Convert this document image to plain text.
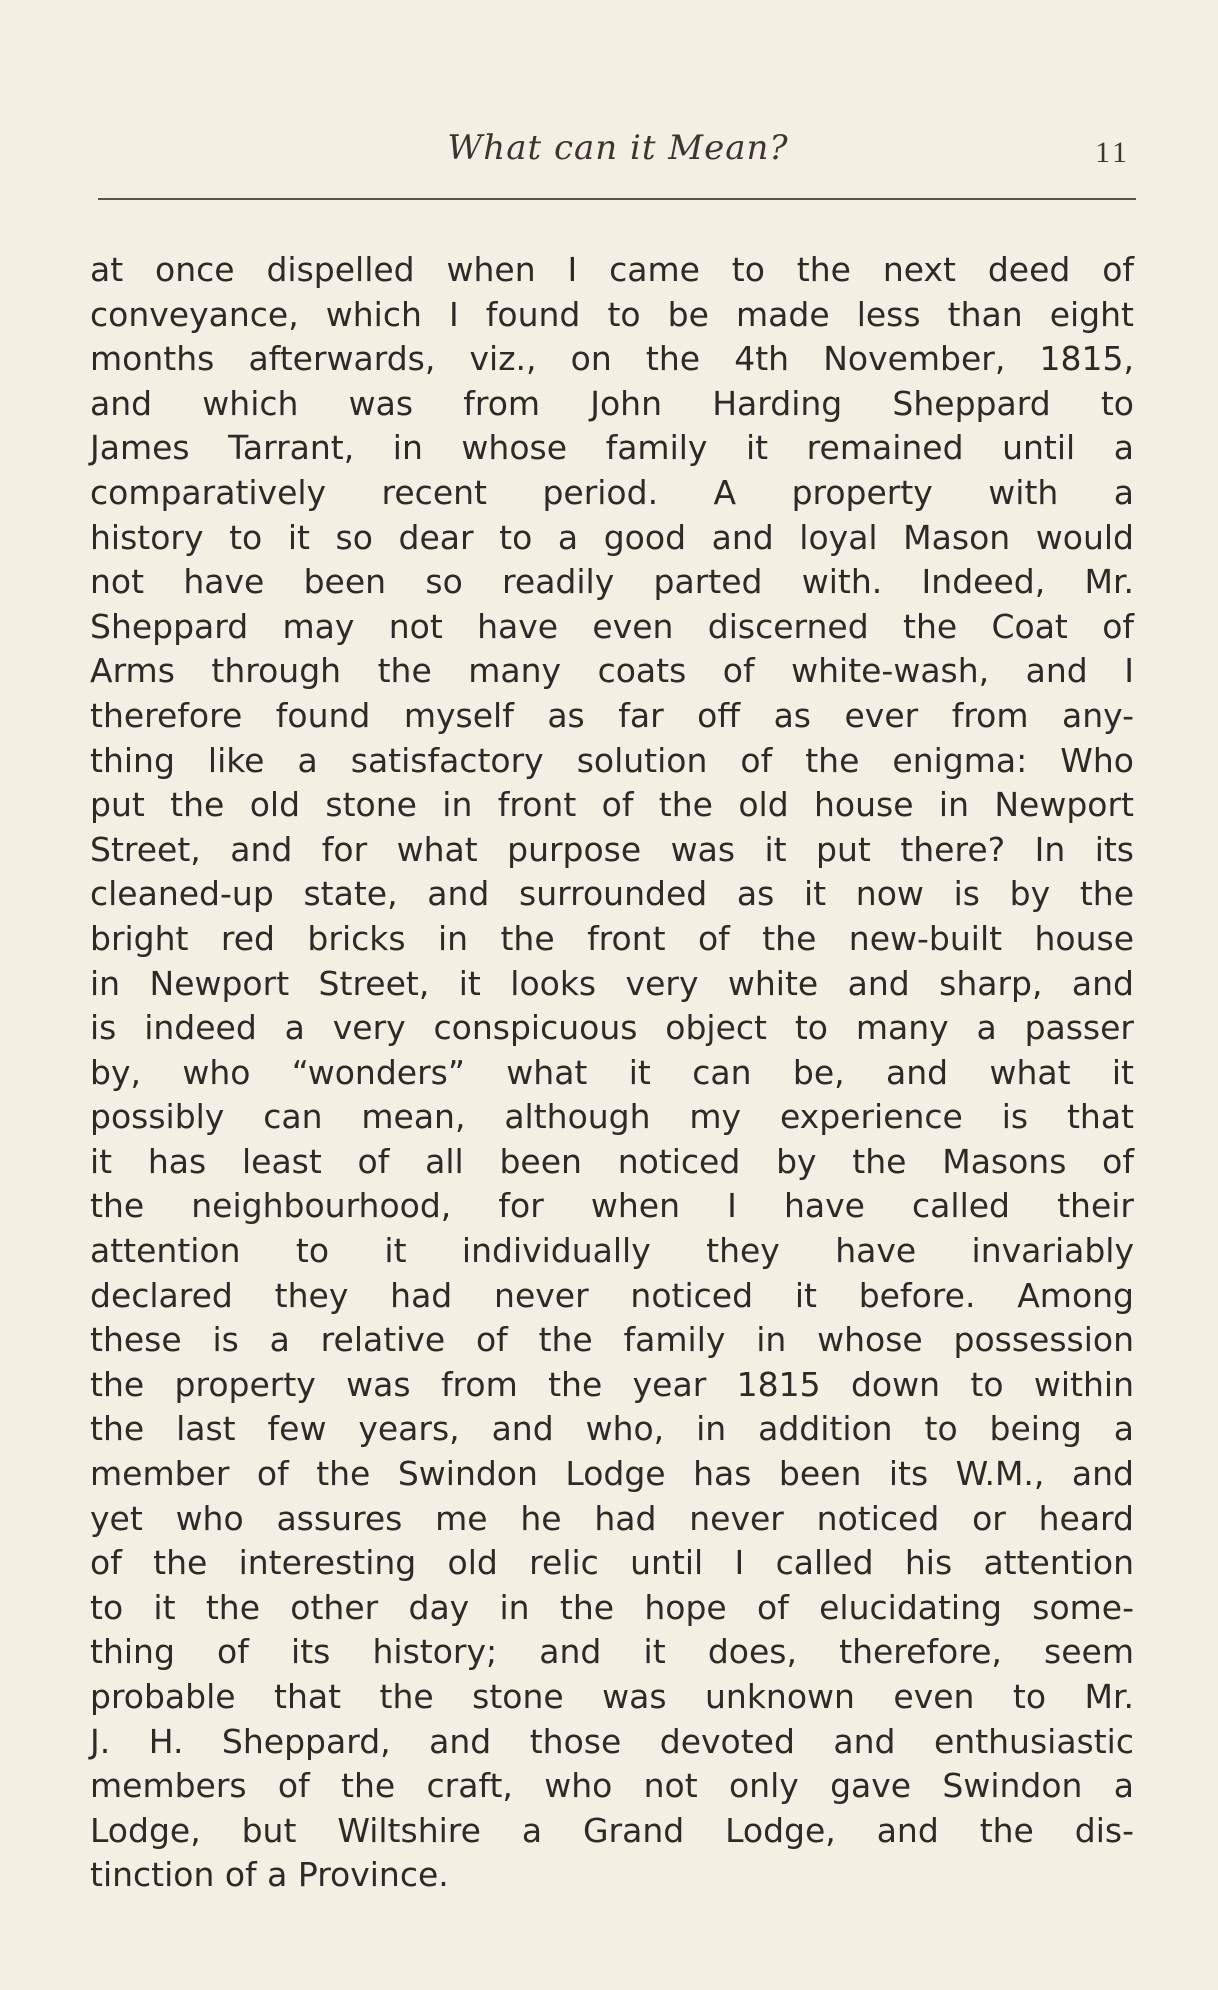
What can it Mean?	11
at once dispelled when I came to the next deed of
conveyance, which I found to be made less than eight
months afterwards, viz., on the 4th November, 1815,
and which was from John Harding Sheppard to
James Tarrant, in whose family it remained until a
comparatively recent period. A property with a
history to it so dear to a good and loyal Mason would
not have been so readily parted with. Indeed, Mr.
Sheppard may not have even discerned the Coat of
Arms through the many coats of white-wash, and I
therefore found myself as far off as ever from any-
thing like a satisfactory solution of the enigma: Who
put the old stone in front of the old house in Newport
Street, and for what purpose was it put there? In its
cleaned-up state, and surrounded as it now is by the
bright red bricks in the front of the new-built house
in Newport Street, it looks very white and sharp, and
is indeed a very conspicuous object to many a passer
by, who “wonders” what it can be, and what it
possibly can mean, although my experience is that
it has least of all been noticed by the Masons of
the neighbourhood, for when I have called their
attention to it individually they have invariably
declared they had never noticed it before. Among
these is a relative of the family in whose possession
the property was from the year 1815 down to within
the last few years, and who, in addition to being a
member of the Swindon Lodge has been its W.M., and
yet who assures me he had never noticed or heard
of the interesting old relic until I called his attention
to it the other day in the hope of elucidating some-
thing of its history; and it does, therefore, seem
probable that the stone was unknown even to Mr.
J. H. Sheppard, and those devoted and enthusiastic
members of the craft, who not only gave Swindon a
Lodge, but Wiltshire a Grand Lodge, and the dis-
tinction of a Province.
